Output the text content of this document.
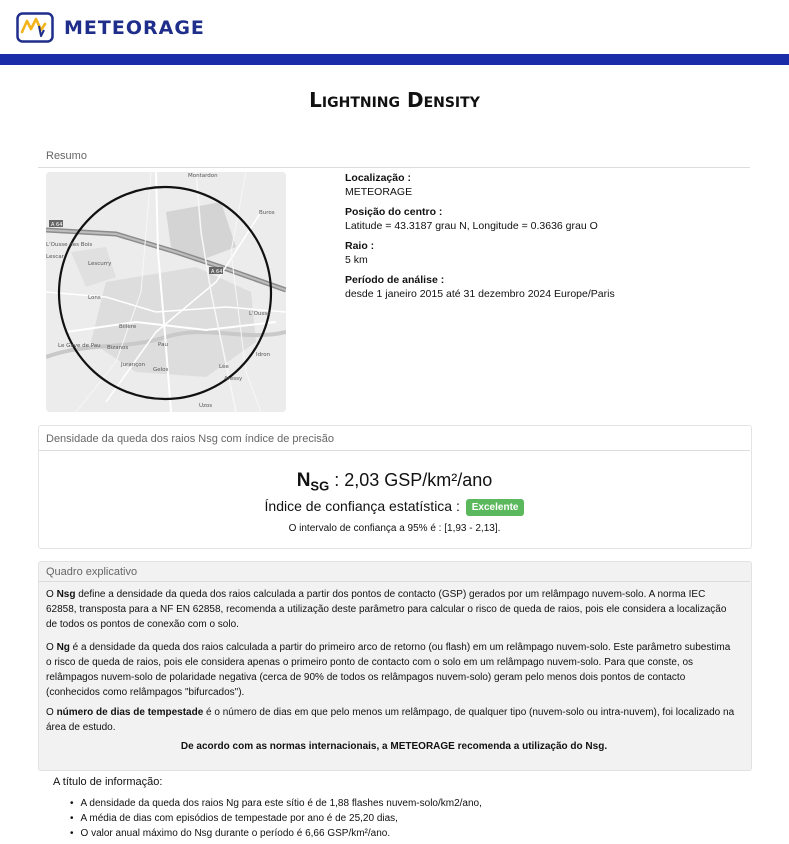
METEORAGE
Lightning Density
Resumo
Montardon
Buros
A 64
Lescurry
A 64
Lescar
Lons
Billère
Pau
Lée
Idron
Jurançon
Gelos
Le Gave de Pau Bizanos
L'Ousse des Bois
Aressy
Uzos
L'Ousse
Localização :
METEORAGE
Posição do centro :
Latitude = 43.3187 grau N, Longitude = 0.3636 grau O
Raio :
5 km
Período de análise :
desde 1 janeiro 2015 até 31 dezembro 2024 Europe/Paris
Densidade da queda dos raios Nsg com índice de precisão
$N_{SG}$ : 2,03 GSP/km²/ano
Índice de confiança estatística : Excelente
O intervalo de confiança a 95% é : [1,93 - 2,13].
Quadro explicativo
O Nsg define a densidade da queda dos raios calculada a partir dos pontos de contacto (GSP) gerados por um relâmpago nuvem-solo. A norma IEC 62858, transposta para a NF EN 62858, recomenda a utilização deste parâmetro para calcular o risco de queda de raios, pois ele considera a localização de todos os pontos de conexão com o solo.
O Ng é a densidade da queda dos raios calculada a partir do primeiro arco de retorno (ou flash) em um relâmpago nuvem-solo. Este parâmetro subestima o risco de queda de raios, pois ele considera apenas o primeiro ponto de contacto com o solo em um relâmpago nuvem-solo. Para que conste, os relâmpagos nuvem-solo de polaridade negativa (cerca de 90% de todos os relâmpagos nuvem-solo) geram pelo menos dois pontos de contacto (conhecidos como relâmpagos "bifurcados").
O número de dias de tempestade é o número de dias em que pelo menos um relâmpago, de qualquer tipo (nuvem-solo ou intra-nuvem), foi localizado na área de estudo.
De acordo com as normas internacionais, a METEORAGE recomenda a utilização do Nsg.
A título de informação:
• A densidade da queda dos raios Ng para este sítio é de 1,88 flashes nuvem-solo/km2/ano,
• A média de dias com episódios de tempestade por ano é de 25,20 dias,
• O valor anual máximo do Nsg durante o período é 6,66 GSP/km²/ano.
